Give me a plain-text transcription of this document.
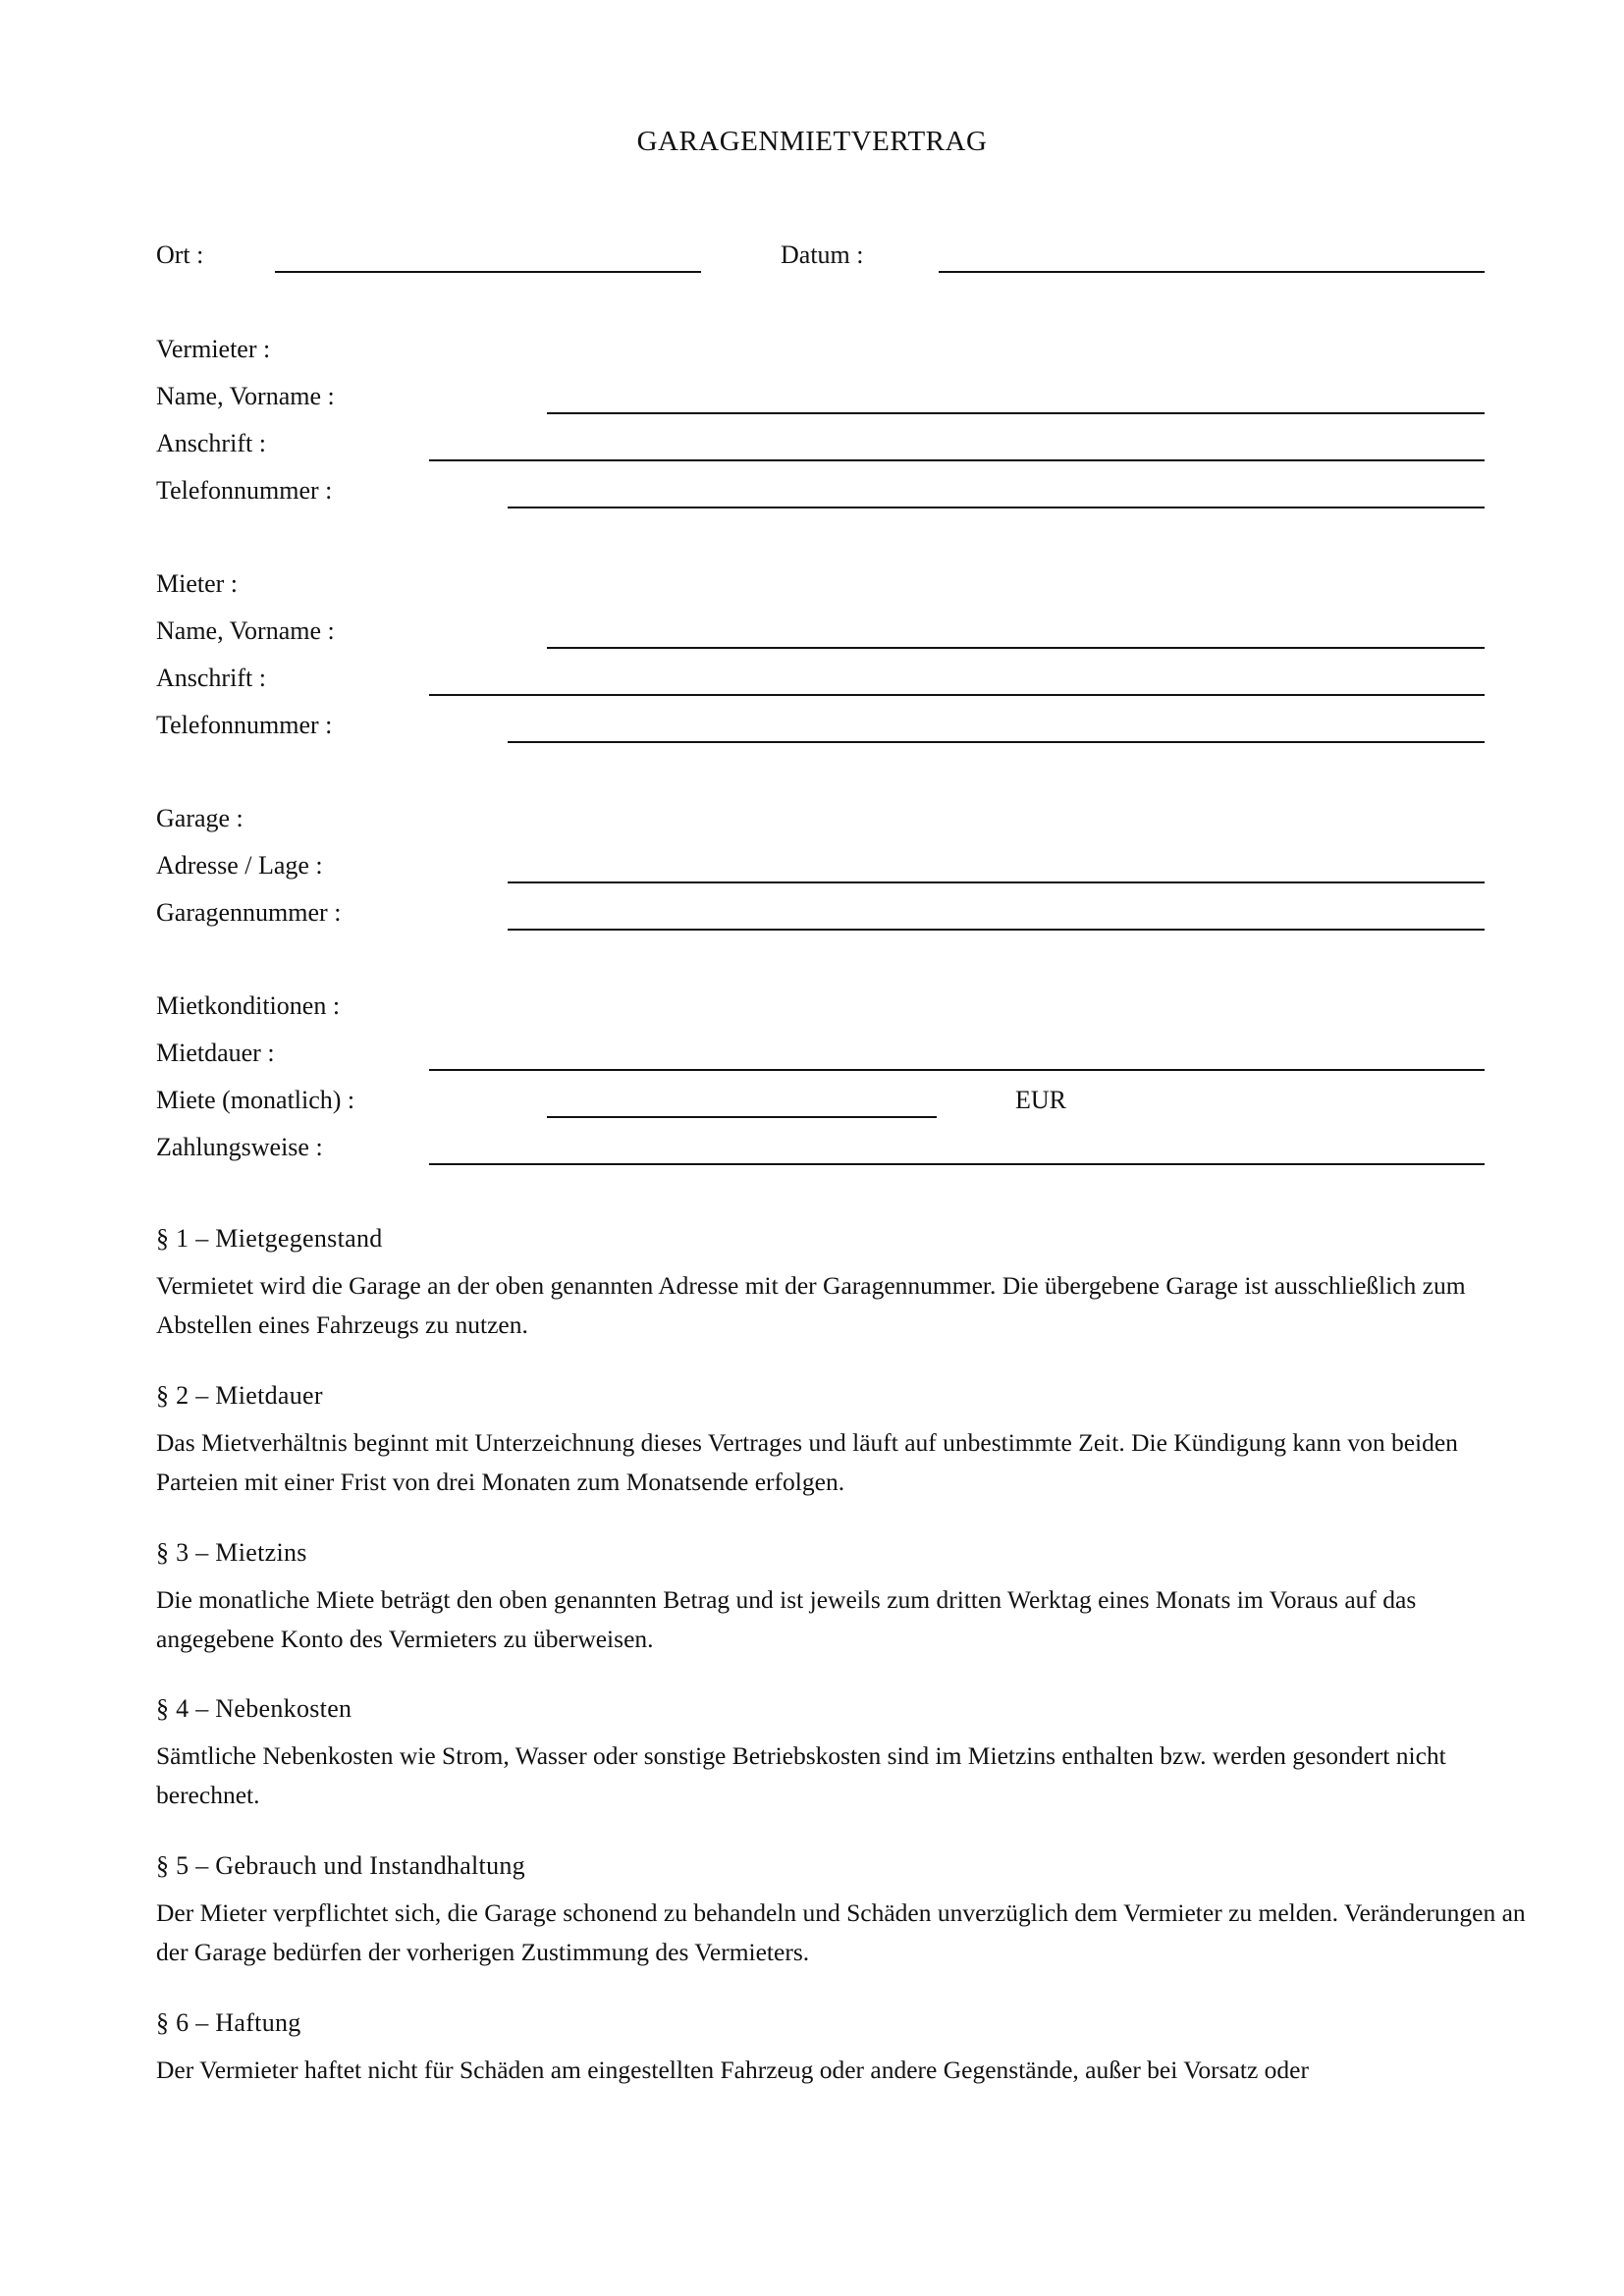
GARAGENMIETVERTRAG
Ort :	Datum :
Vermieter :
Name, Vorname :
Anschrift :
Telefonnummer :
Mieter :
Name, Vorname :
Anschrift :
Telefonnummer :
Garage :
Adresse / Lage :
Garagennummer :
Mietkonditionen :
Mietdauer :
Miete (monatlich) :	EUR
Zahlungsweise :
§ 1 – Mietgegenstand
Vermietet wird die Garage an der oben genannten Adresse mit der Garagennummer. Die übergebene Garage ist ausschließlich zum Abstellen eines Fahrzeugs zu nutzen.
§ 2 – Mietdauer
Das Mietverhältnis beginnt mit Unterzeichnung dieses Vertrages und läuft auf unbestimmte Zeit. Die Kündigung kann von beiden Parteien mit einer Frist von drei Monaten zum Monatsende erfolgen.
§ 3 – Mietzins
Die monatliche Miete beträgt den oben genannten Betrag und ist jeweils zum dritten Werktag eines Monats im Voraus auf das angegebene Konto des Vermieters zu überweisen.
§ 4 – Nebenkosten
Sämtliche Nebenkosten wie Strom, Wasser oder sonstige Betriebskosten sind im Mietzins enthalten bzw. werden gesondert nicht berechnet.
§ 5 – Gebrauch und Instandhaltung
Der Mieter verpflichtet sich, die Garage schonend zu behandeln und Schäden unverzüglich dem Vermieter zu melden. Veränderungen an der Garage bedürfen der vorherigen Zustimmung des Vermieters.
§ 6 – Haftung
Der Vermieter haftet nicht für Schäden am eingestellten Fahrzeug oder andere Gegenstände, außer bei Vorsatz oder
